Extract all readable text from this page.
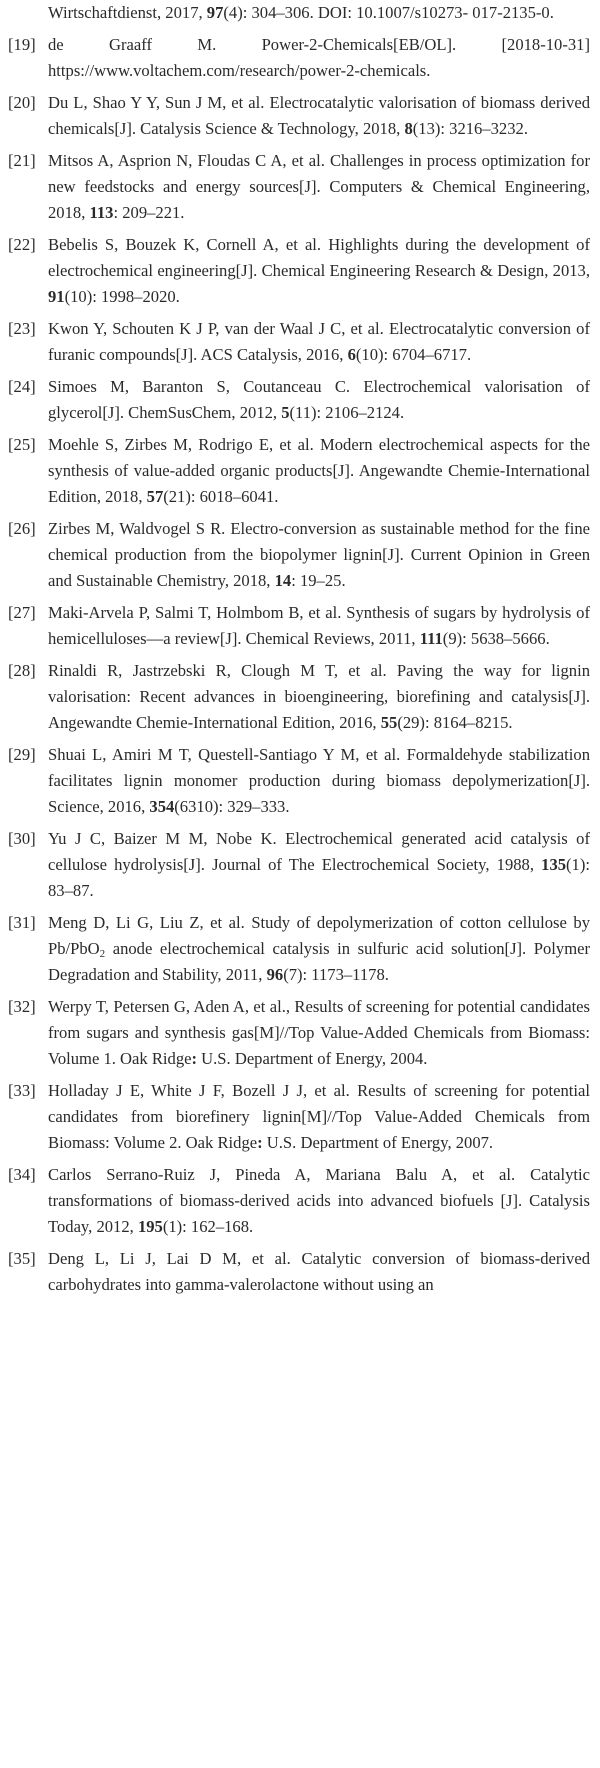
Wirtschaftdienst, 2017, 97(4): 304–306. DOI: 10.1007/s10273- 017-2135-0.

[19] de Graaff M. Power-2-Chemicals[EB/OL]. [2018-10-31] https://www.voltachem.com/research/power-2-chemicals.
[20] Du L, Shao Y Y, Sun J M, et al. Electrocatalytic valorisation of biomass derived chemicals[J]. Catalysis Science & Technology, 2018, 8(13): 3216–3232.
[21] Mitsos A, Asprion N, Floudas C A, et al. Challenges in process optimization for new feedstocks and energy sources[J]. Computers & Chemical Engineering, 2018, 113: 209–221.
[22] Bebelis S, Bouzek K, Cornell A, et al. Highlights during the development of electrochemical engineering[J]. Chemical Engineering Research & Design, 2013, 91(10): 1998–2020.
[23] Kwon Y, Schouten K J P, van der Waal J C, et al. Electrocatalytic conversion of furanic compounds[J]. ACS Catalysis, 2016, 6(10): 6704–6717.
[24] Simoes M, Baranton S, Coutanceau C. Electrochemical valorisation of glycerol[J]. ChemSusChem, 2012, 5(11): 2106–2124.
[25] Moehle S, Zirbes M, Rodrigo E, et al. Modern electrochemical aspects for the synthesis of value-added organic products[J]. Angewandte Chemie-International Edition, 2018, 57(21): 6018–6041.
[26] Zirbes M, Waldvogel S R. Electro-conversion as sustainable method for the fine chemical production from the biopolymer lignin[J]. Current Opinion in Green and Sustainable Chemistry, 2018, 14: 19–25.
[27] Maki-Arvela P, Salmi T, Holmbom B, et al. Synthesis of sugars by hydrolysis of hemicelluloses—a review[J]. Chemical Reviews, 2011, 111(9): 5638–5666.
[28] Rinaldi R, Jastrzebski R, Clough M T, et al. Paving the way for lignin valorisation: Recent advances in bioengineering, biorefining and catalysis[J]. Angewandte Chemie-International Edition, 2016, 55(29): 8164–8215.
[29] Shuai L, Amiri M T, Questell-Santiago Y M, et al. Formaldehyde stabilization facilitates lignin monomer production during biomass depolymerization[J]. Science, 2016, 354(6310): 329–333.
[30] Yu J C, Baizer M M, Nobe K. Electrochemical generated acid catalysis of cellulose hydrolysis[J]. Journal of The Electrochemical Society, 1988, 135(1): 83–87.
[31] Meng D, Li G, Liu Z, et al. Study of depolymerization of cotton cellulose by Pb/PbO$_2$ anode electrochemical catalysis in sulfuric acid solution[J]. Polymer Degradation and Stability, 2011, 96(7): 1173–1178.
[32] Werpy T, Petersen G, Aden A, et al., Results of screening for potential candidates from sugars and synthesis gas[M]//Top Value-Added Chemicals from Biomass: Volume 1. Oak Ridge: U.S. Department of Energy, 2004.
[33] Holladay J E, White J F, Bozell J J, et al. Results of screening for potential candidates from biorefinery lignin[M]//Top Value-Added Chemicals from Biomass: Volume 2. Oak Ridge: U.S. Department of Energy, 2007.
[34] Carlos Serrano-Ruiz J, Pineda A, Mariana Balu A, et al. Catalytic transformations of biomass-derived acids into advanced biofuels [J]. Catalysis Today, 2012, 195(1): 162–168.
[35] Deng L, Li J, Lai D M, et al. Catalytic conversion of biomass-derived carbohydrates into gamma-valerolactone without using an
